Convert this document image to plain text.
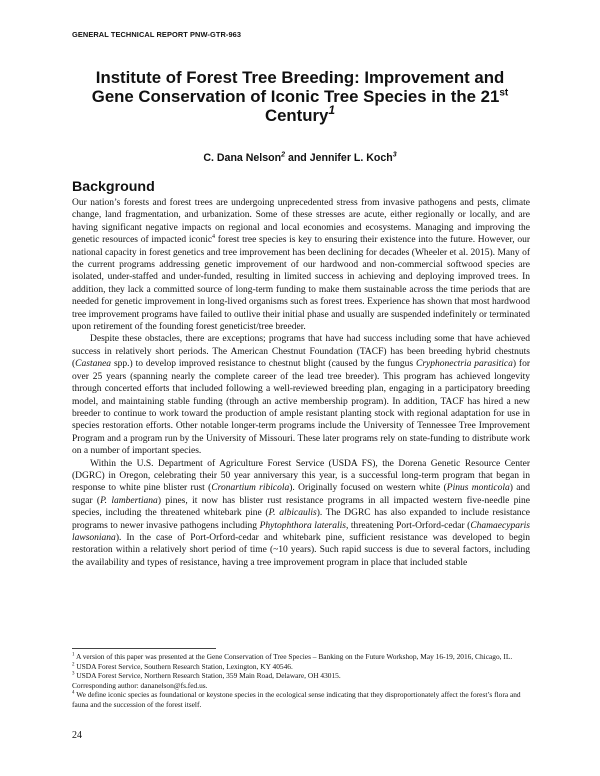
GENERAL TECHNICAL REPORT PNW-GTR-963
Institute of Forest Tree Breeding: Improvement and
Gene Conservation of Iconic Tree Species in the 21st
Century$^1$
C. Dana Nelson$^2$ and Jennifer L. Koch$^3$
Background

Our nation’s forests and forest trees are undergoing unprecedented stress from invasive pathogens and pests, climate change, land fragmentation, and urbanization. Some of these stresses are acute, either regionally or locally, and are having significant negative impacts on regional and local economies and ecosystems. Managing and improving the genetic resources of impacted iconic$^4$ forest tree species is key to ensuring their existence into the future. However, our national capacity in forest genetics and tree improvement has been declining for decades (Wheeler et al. 2015). Many of the current programs addressing genetic improvement of our hardwood and non-commercial softwood species are isolated, under-staffed and under-funded, resulting in limited success in achieving and deploying improved trees. In addition, they lack a committed source of long-term funding to make them sustainable across the time periods that are needed for genetic improvement in long-lived organisms such as forest trees. Experience has shown that most hardwood tree improvement programs have failed to outlive their initial phase and usually are suspended indefinitely or terminated upon retirement of the founding forest geneticist/tree breeder.

Despite these obstacles, there are exceptions; programs that have had success including some that have achieved success in relatively short periods. The American Chestnut Foundation (TACF) has been breeding hybrid chestnuts (Castanea spp.) to develop improved resistance to chestnut blight (caused by the fungus Cryphonectria parasitica) for over 25 years (spanning nearly the complete career of the lead tree breeder). This program has achieved longevity through concerted efforts that included following a well-reviewed breeding plan, engaging in a participatory breeding model, and maintaining stable funding (through an active membership program). In addition, TACF has hired a new breeder to continue to work toward the production of ample resistant planting stock with regional adaptation for use in species restoration efforts. Other notable longer-term programs include the University of Tennessee Tree Improvement Program and a program run by the University of Missouri. These later programs rely on state-funding to distribute work on a number of important species.

Within the U.S. Department of Agriculture Forest Service (USDA FS), the Dorena Genetic Resource Center (DGRC) in Oregon, celebrating their 50 year anniversary this year, is a successful long-term program that began in response to white pine blister rust (Cronartium ribicola). Originally focused on western white (Pinus monticola) and sugar (P. lambertiana) pines, it now has blister rust resistance programs in all impacted western five-needle pine species, including the threatened whitebark pine (P. albicaulis). The DGRC has also expanded to include resistance programs to newer invasive pathogens including Phytophthora lateralis, threatening Port-Orford-cedar (Chamaecyparis lawsoniana). In the case of Port-Orford-cedar and whitebark pine, sufficient resistance was developed to begin restoration within a relatively short period of time (~10 years). Such rapid success is due to several factors, including the availability and types of resistance, having a tree improvement program in place that included stable

$^1$ A version of this paper was presented at the Gene Conservation of Tree Species – Banking on the Future Workshop, May 16-19, 2016, Chicago, IL.
$^2$ USDA Forest Service, Southern Research Station, Lexington, KY 40546.
$^3$ USDA Forest Service, Northern Research Station, 359 Main Road, Delaware, OH 43015.
Corresponding author: dananelson@fs.fed.us.
$^4$ We define iconic species as foundational or keystone species in the ecological sense indicating that they disproportionately affect the forest’s flora and fauna and the succession of the forest itself.
24
